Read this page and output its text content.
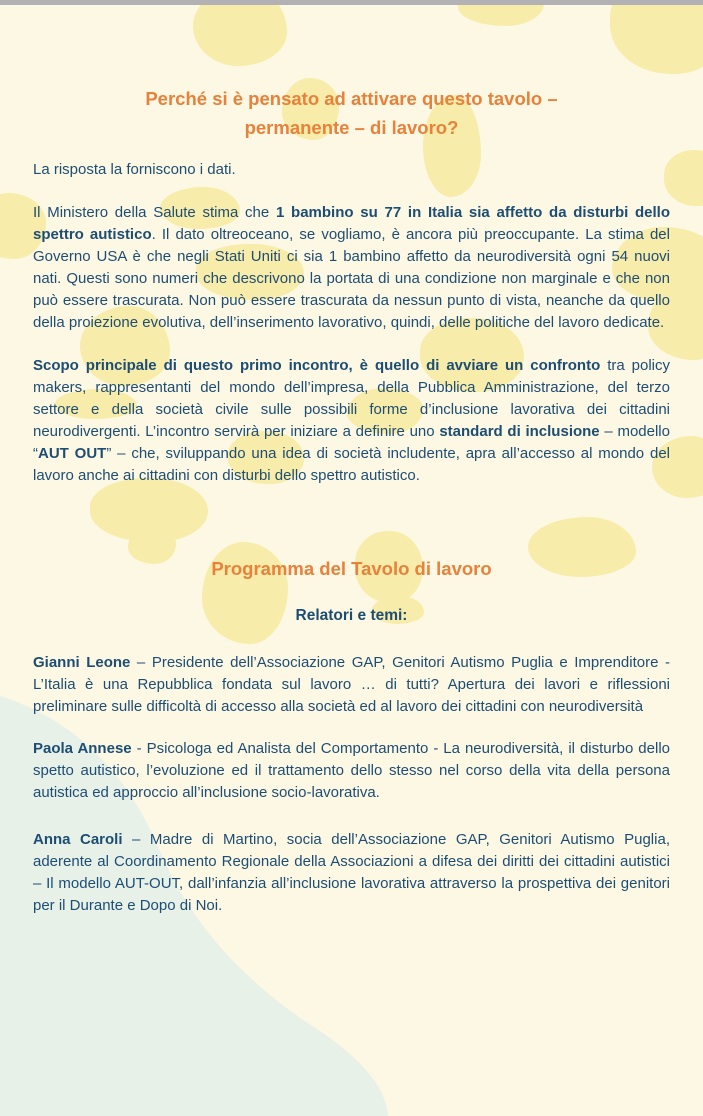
Perché si è pensato ad attivare questo tavolo –
permanente – di lavoro?

La risposta la forniscono i dati.

Il Ministero della Salute stima che 1 bambino su 77 in Italia sia affetto da disturbi dello spettro autistico. Il dato oltreoceano, se vogliamo, è ancora più preoccupante. La stima del Governo USA è che negli Stati Uniti ci sia 1 bambino affetto da neurodiversità ogni 54 nuovi nati. Questi sono numeri che descrivono la portata di una condizione non marginale e che non può essere trascurata. Non può essere trascurata da nessun punto di vista, neanche da quello della proiezione evolutiva, dell’inserimento lavorativo, quindi, delle politiche del lavoro dedicate.

Scopo principale di questo primo incontro, è quello di avviare un confronto tra policy makers, rappresentanti del mondo dell’impresa, della Pubblica Amministrazione, del terzo settore e della società civile sulle possibili forme d’inclusione lavorativa dei cittadini neurodivergenti. L’incontro servirà per iniziare a definire uno standard di inclusione – modello “AUT OUT” – che, sviluppando una idea di società includente, apra all’accesso al mondo del lavoro anche ai cittadini con disturbi dello spettro autistico.

Programma del Tavolo di lavoro
Relatori e temi:

Gianni Leone – Presidente dell’Associazione GAP, Genitori Autismo Puglia e Imprenditore - L’Italia è una Repubblica fondata sul lavoro … di tutti? Apertura dei lavori e riflessioni preliminare sulle difficoltà di accesso alla società ed al lavoro dei cittadini con neurodiversità

Paola Annese - Psicologa ed Analista del Comportamento - La neurodiversità, il disturbo dello spetto autistico, l’evoluzione ed il trattamento dello stesso nel corso della vita della persona autistica ed approccio all’inclusione socio-lavorativa.

Anna Caroli – Madre di Martino, socia dell’Associazione GAP, Genitori Autismo Puglia, aderente al Coordinamento Regionale della Associazioni a difesa dei diritti dei cittadini autistici – Il modello AUT-OUT, dall’infanzia all’inclusione lavorativa attraverso la prospettiva dei genitori per il Durante e Dopo di Noi.
